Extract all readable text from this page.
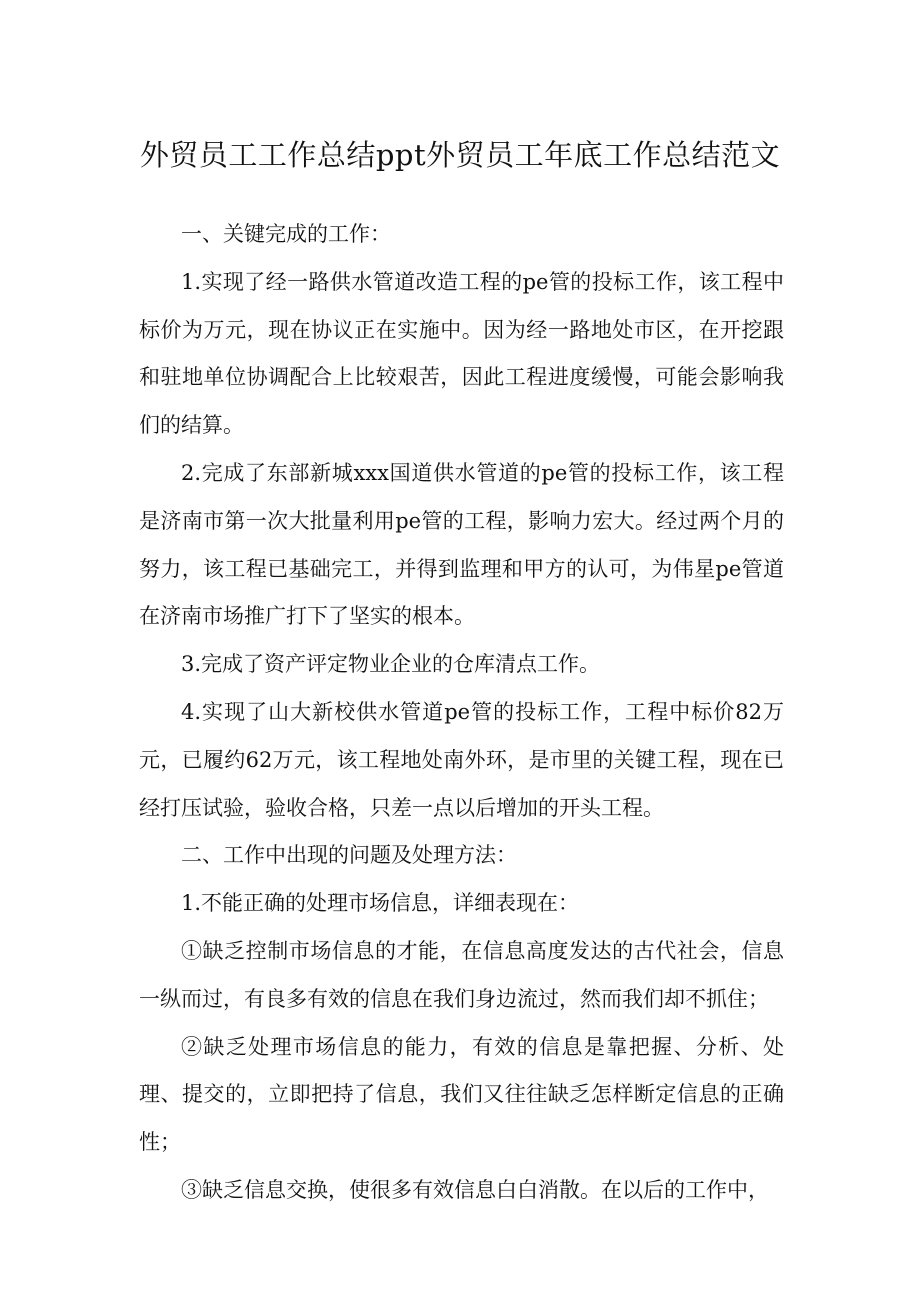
外贸员工工作总结ppt外贸员工年底工作总结范文

一、关键完成的工作：

1.实现了经一路供水管道改造工程的pe管的投标工作，该工程中标价为万元，现在协议正在实施中。因为经一路地处市区，在开挖跟和驻地单位协调配合上比较艰苦，因此工程进度缓慢，可能会影响我们的结算。

2.完成了东部新城xxx国道供水管道的pe管的投标工作，该工程是济南市第一次大批量利用pe管的工程，影响力宏大。经过两个月的努力，该工程已基础完工，并得到监理和甲方的认可，为伟星pe管道在济南市场推广打下了坚实的根本。

3.完成了资产评定物业企业的仓库清点工作。

4.实现了山大新校供水管道pe管的投标工作，工程中标价82万元，已履约62万元，该工程地处南外环，是市里的关键工程，现在已经打压试验，验收合格，只差一点以后增加的开头工程。

二、工作中出现的问题及处理方法：

1.不能正确的处理市场信息，详细表现在：

①缺乏控制市场信息的才能，在信息高度发达的古代社会，信息一纵而过，有良多有效的信息在我们身边流过，然而我们却不抓住；

②缺乏处理市场信息的能力，有效的信息是靠把握、分析、处理、提交的，立即把持了信息，我们又往往缺乏怎样断定信息的正确性；

③缺乏信息交换，使很多有效信息白白消散。在以后的工作中，
